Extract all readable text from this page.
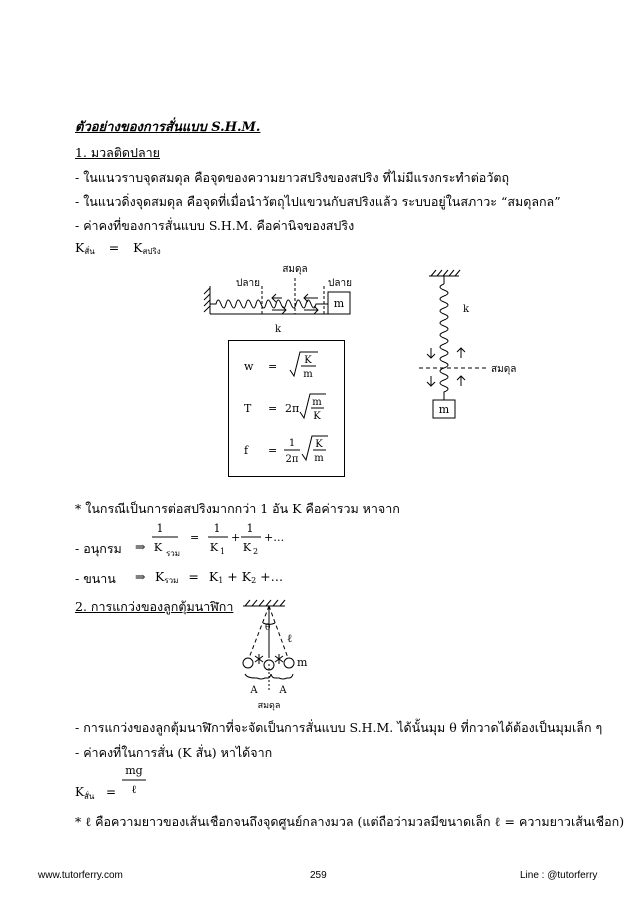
ตัวอย่างของการสั่นแบบ S.H.M.
1. มวลติดปลาย
- ในแนวราบจุดสมดุล คือจุดของความยาวสปริงของสปริง ที่ไม่มีแรงกระทำต่อวัตถุ
- ในแนวดิ่งจุดสมดุล คือจุดที่เมื่อนำวัตถุไปแขวนกับสปริงแล้ว ระบบอยู่ในสภาวะ “สมดุลกล”
- ค่าคงที่ของการสั่นแบบ S.H.M. คือค่านิจของสปริง
$K_{สั่น} = K_{สปริง}$
สมดุล
ปลาย	ปลาย
m
k
w =	K
m
T = 2π m
K
f =
1
2π
K
m
k
สมดุล
m
* ในกรณีเป็นการต่อสปริงมากกว่า 1 อัน K คือค่ารวม หาจาก
- อนุกรม ⇒
1
K รวม
=
1
K 1
+
1
K 2
+…
- ขนาน ⇒ $K_{รวม} = K_1 + K_2$ +…
2. การแกว่งของลูกตุ้มนาฬิกา
θ
ℓ
m
A A
สมดุล
- การแกว่งของลูกตุ้มนาฬิกาที่จะจัดเป็นการสั่นแบบ S.H.M. ได้นั้นมุม θ ที่กวาดได้ต้องเป็นมุมเล็ก ๆ
- ค่าคงที่ในการสั่น (K สั่น) หาได้จาก
K สั่น =
mg
ℓ
* ℓ คือความยาวของเส้นเชือกจนถึงจุดศูนย์กลางมวล (แต่ถือว่ามวลมีขนาดเล็ก ℓ = ความยาวเส้นเชือก)
www.tutorferry.com	259	Line : @tutorferry
